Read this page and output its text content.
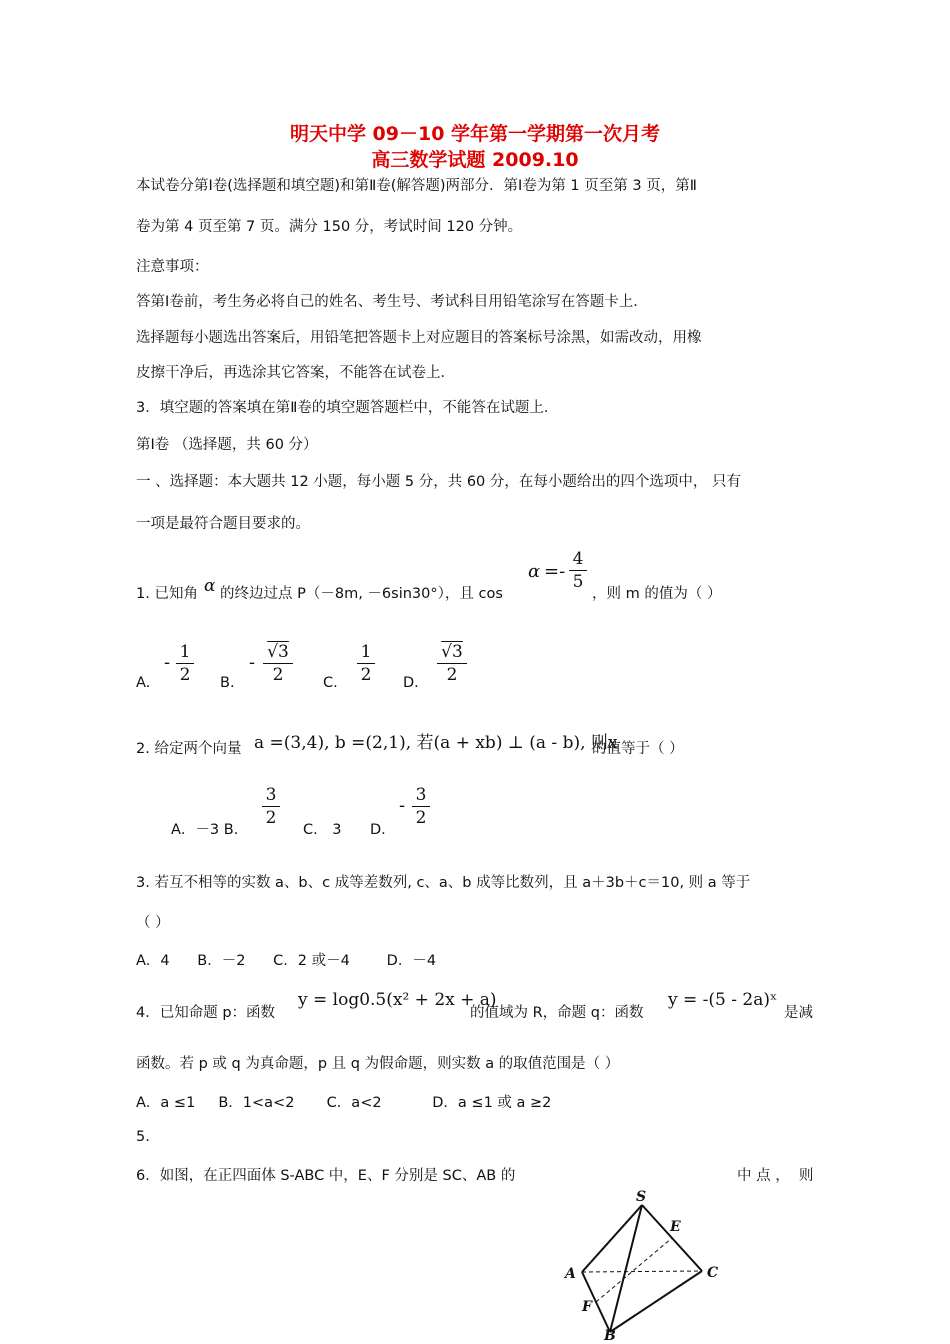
明天中学 09－10 学年第一学期第一次月考
高三数学试题 2009.10
本试卷分第Ⅰ卷(选择题和填空题)和第Ⅱ卷(解答题)两部分．第Ⅰ卷为第 1 页至第 3 页，第Ⅱ
卷为第 4 页至第 7 页。满分 150 分，考试时间 120 分钟。
注意事项：
答第Ⅰ卷前，考生务必将自己的姓名、考生号、考试科目用铅笔涂写在答题卡上．
选择题每小题选出答案后，用铅笔把答题卡上对应题目的答案标号涂黑，如需改动，用橡
皮擦干净后，再选涂其它答案，不能答在试卷上．
3．填空题的答案填在第Ⅱ卷的填空题答题栏中，不能答在试题上．
第Ⅰ卷 （选择题，共 60 分）
一 、选择题：本大题共 12 小题，每小题 5 分，共 60 分，在每小题给出的四个选项中， 只有
一项是最符合题目要求的。
1. 已知角 α 的终边过点 P（－8m, －6sin30°），且 cos
α =-
4
5
，则 m 的值为（ ）
A.
- 1
2	B.
- √3
2	C.
1
2	D.
√3
2
2. 给定两个向量 a =(3,4), b =(2,1), 若(a + xb) ⊥ (a - b), 则x
的值等于（ ）
A．－3 B．
3
2
C． 3 D．
- 3
2
3. 若互不相等的实数 a、b、c 成等差数列, c、a、b 成等比数列，且 a＋3b＋c＝10, 则 a 等于
（ ）
A．4      B．－2      C．2 或－4        D．－4
4．已知命题 p：函数
y = log0.5(x² + 2x + a)
的值域为 R，命题 q：函数
y = -(5 - 2a)ˣ
是减
函数。若 p 或 q 为真命题，p 且 q 为假命题，则实数 a 的取值范围是（ ）
A．a ≤1     B．1<a<2       C．a<2           D．a ≤1 或 a ≥2
5.
6．如图，在正四面体 S-ABC 中，E、F 分别是 SC、AB 的	中 点 ，  则
S
E
A	C
F
B
